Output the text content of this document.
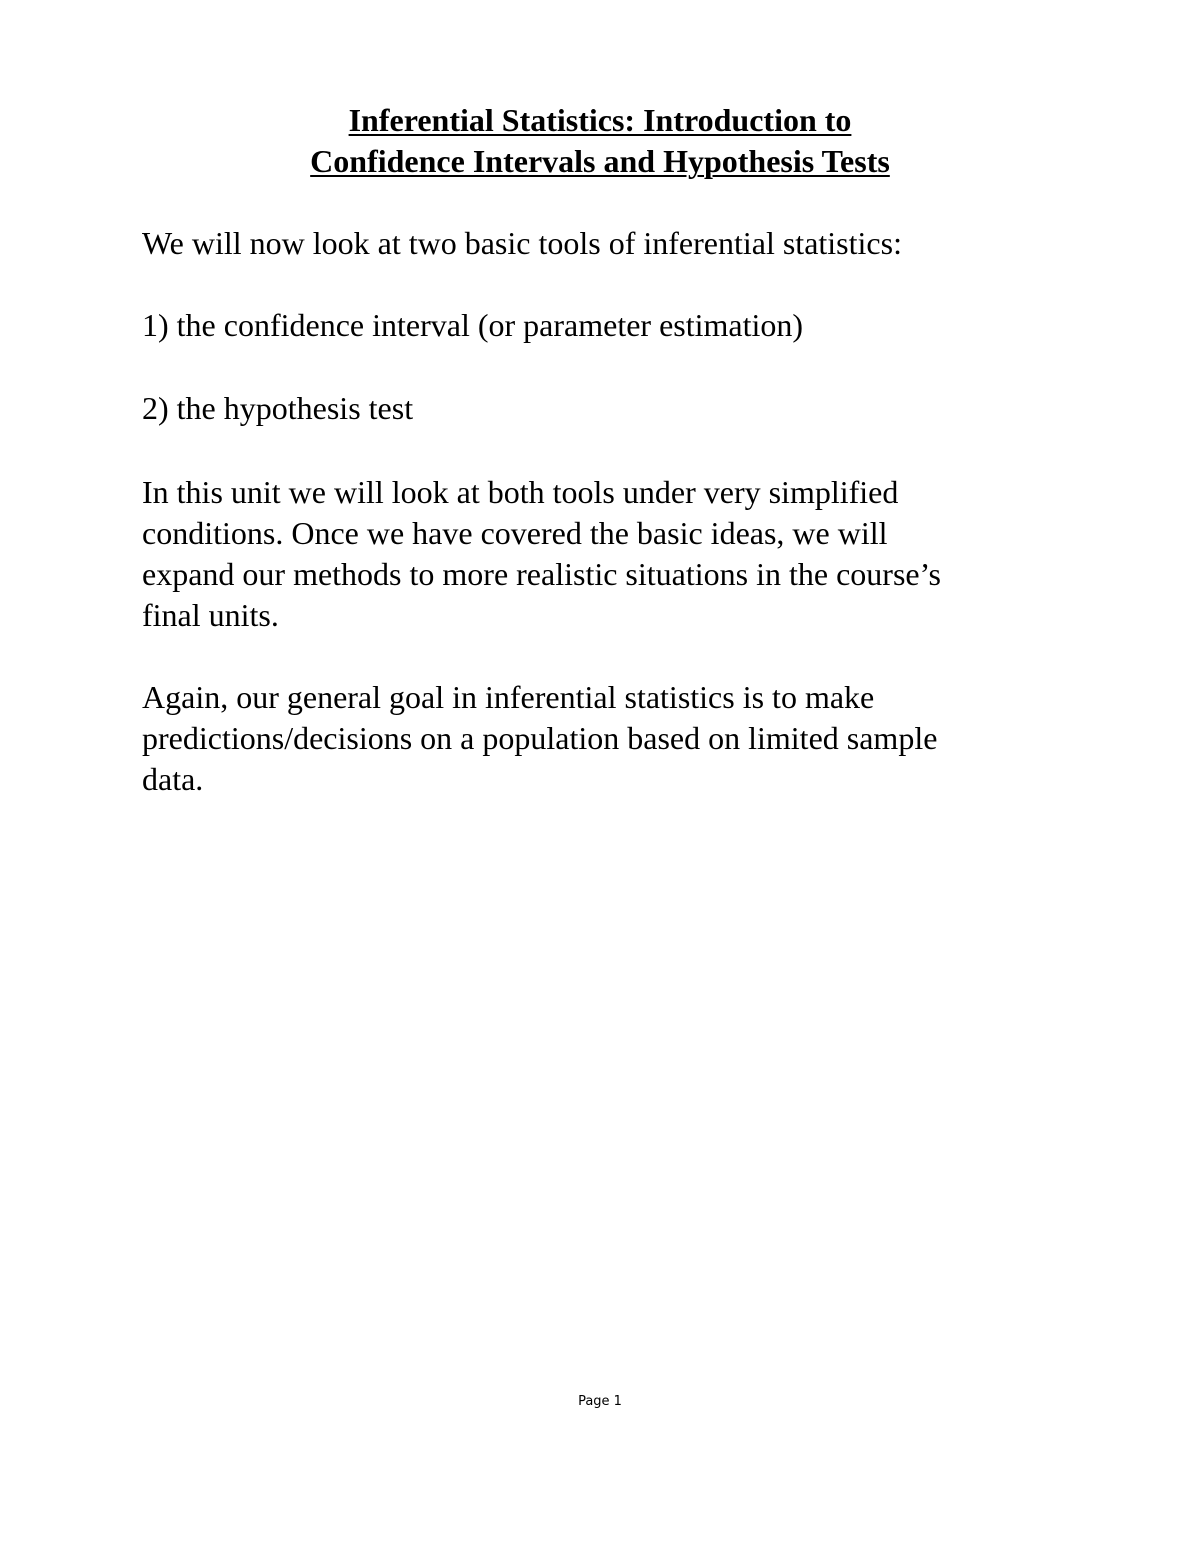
Inferential Statistics: Introduction to
Confidence Intervals and Hypothesis Tests
We will now look at two basic tools of inferential statistics:
1) the confidence interval (or parameter estimation)
2) the hypothesis test
In this unit we will look at both tools under very simplified
conditions. Once we have covered the basic ideas, we will
expand our methods to more realistic situations in the course’s
final units.
Again, our general goal in inferential statistics is to make
predictions/decisions on a population based on limited sample
data.
Page 1
